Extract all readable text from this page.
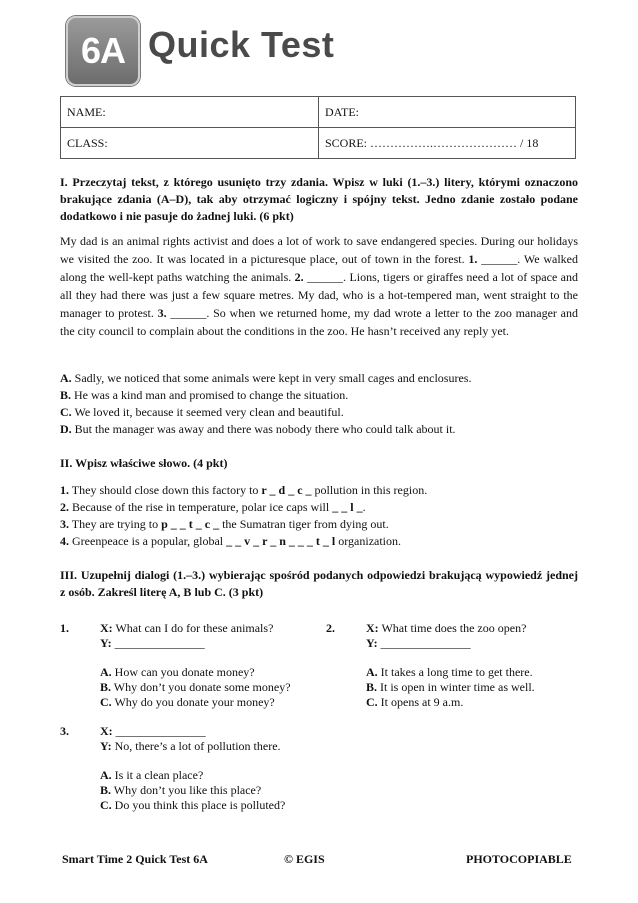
6A Quick Test
NAME:	DATE:
CLASS:	SCORE: …………….………………… / 18
I. Przeczytaj tekst, z którego usunięto trzy zdania. Wpisz w luki (1.–3.) litery, którymi oznaczono brakujące zdania (A–D), tak aby otrzymać logiczny i spójny tekst. Jedno zdanie zostało podane dodatkowo i nie pasuje do żadnej luki. (6 pkt)

My dad is an animal rights activist and does a lot of work to save endangered species. During our holidays we visited the zoo. It was located in a picturesque place, out of town in the forest. 1. ______. We walked along the well-kept paths watching the animals. 2. ______. Lions, tigers or giraffes need a lot of space and all they had there was just a few square metres. My dad, who is a hot-tempered man, went straight to the manager to protest. 3. ______. So when we returned home, my dad wrote a letter to the zoo manager and the city council to complain about the conditions in the zoo. He hasn’t received any reply yet.

A. Sadly, we noticed that some animals were kept in very small cages and enclosures.

B. He was a kind man and promised to change the situation.

C. We loved it, because it seemed very clean and beautiful.

D. But the manager was away and there was nobody there who could talk about it.

II. Wpisz właściwe słowo. (4 pkt)

1. They should close down this factory to r _ d _ c _ pollution in this region.

2. Because of the rise in temperature, polar ice caps will _ _ l _.

3. They are trying to p _ _ t _ c _ the Sumatran tiger from dying out.

4. Greenpeace is a popular, global _ _ v _ r _ n _ _ _ t _ l organization.

III. Uzupełnij dialogi (1.–3.) wybierając spośród podanych odpowiedzi brakującą wypowiedź jednej z osób. Zakreśl literę A, B lub C. (3 pkt)
1.	X: What can I do for these animals?
Y: _______________
A. How can you donate money?
B. Why don’t you donate some money?
C. Why do you donate your money?
2.	X: What time does the zoo open?
Y: _______________
A. It takes a long time to get there.
B. It is open in winter time as well.
C. It opens at 9 a.m.
3.	X: _______________
Y: No, there’s a lot of pollution there.
A. Is it a clean place?
B. Why don’t you like this place?
C. Do you think this place is polluted?
Smart Time 2 Quick Test 6A	© EGIS	PHOTOCOPIABLE
